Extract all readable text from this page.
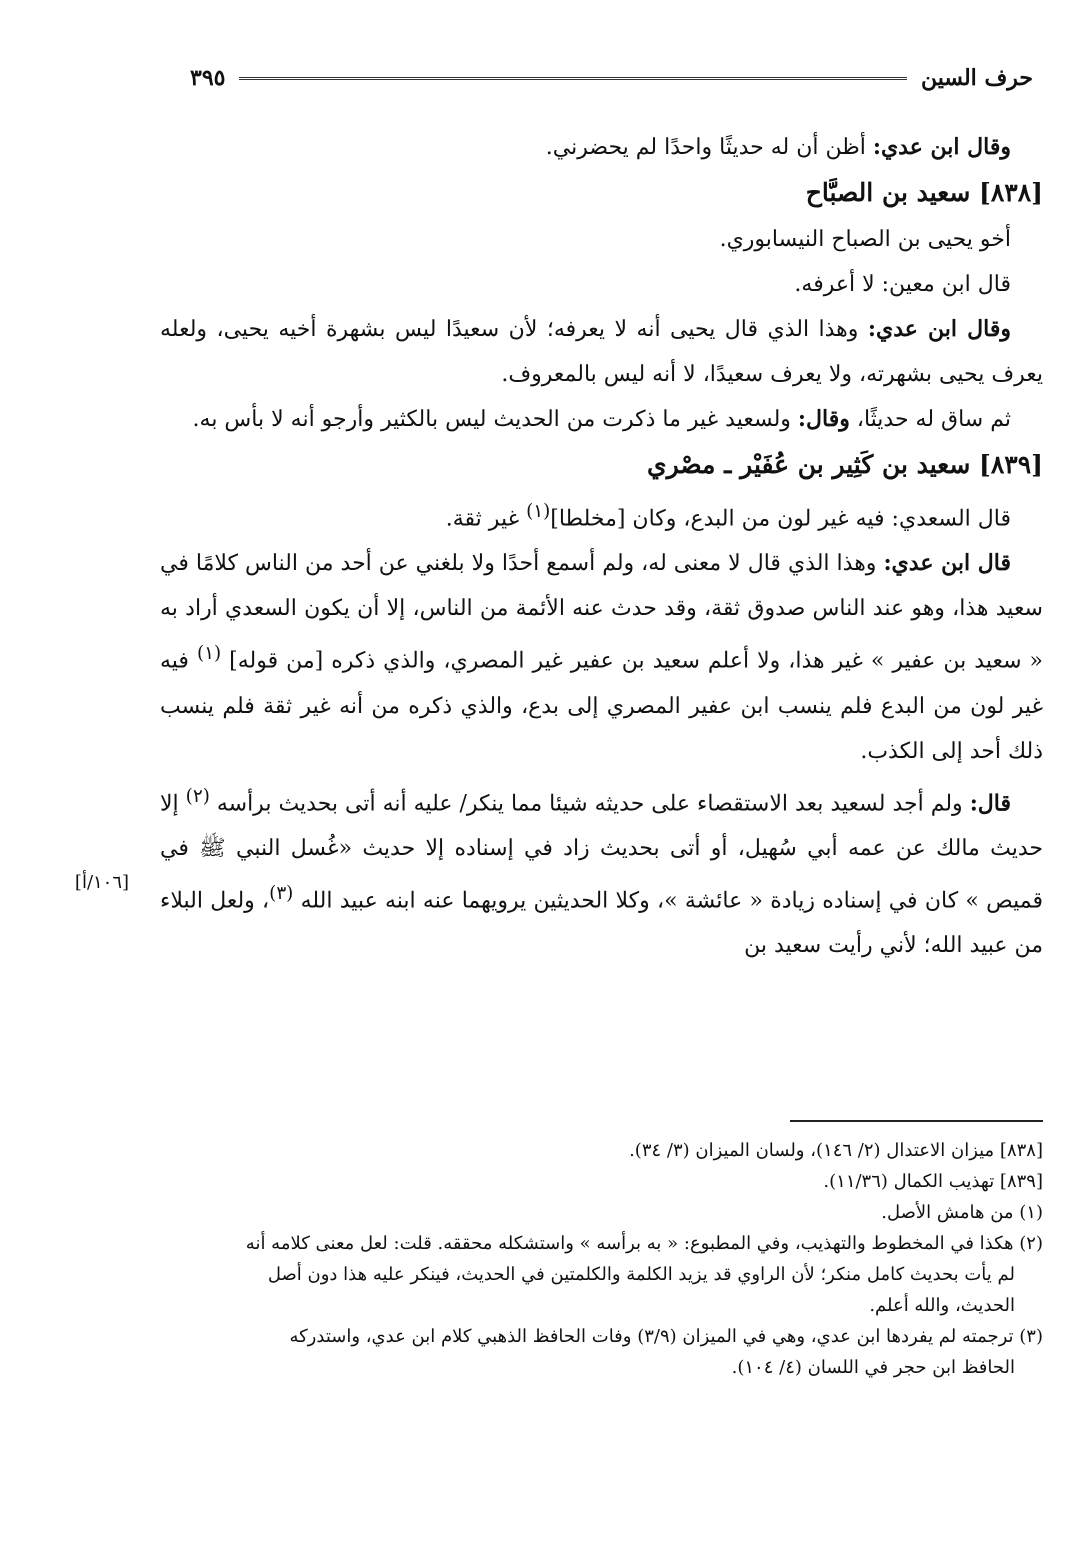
حرف السين
٣٩٥
[١٠٦/أ]

وقال ابن عدي: أظن أن له حديثًا واحدًا لم يحضرني.

[٨٣٨] سعيد بن الصبَّاح

أخو يحيى بن الصباح النيسابوري.

قال ابن معين: لا أعرفه.

وقال ابن عدي: وهذا الذي قال يحيى أنه لا يعرفه؛ لأن سعيدًا ليس بشهرة أخيه يحيى، ولعله يعرف يحيى بشهرته، ولا يعرف سعيدًا، لا أنه ليس بالمعروف.

ثم ساق له حديثًا، وقال: ولسعيد غير ما ذكرت من الحديث ليس بالكثير وأرجو أنه لا بأس به.

[٨٣٩] سعيد بن كَثِير بن عُفَيْر ـ مصْري

قال السعدي: فيه غير لون من البدع، وكان [مخلطا]$^{(١)}$ غير ثقة.

قال ابن عدي: وهذا الذي قال لا معنى له، ولم أسمع أحدًا ولا بلغني عن أحد من الناس كلامًا في سعيد هذا، وهو عند الناس صدوق ثقة، وقد حدث عنه الأئمة من الناس، إلا أن يكون السعدي أراد به « سعيد بن عفير » غير هذا، ولا أعلم سعيد بن عفير غير المصري، والذي ذكره [من قوله] $^{(١)}$ فيه غير لون من البدع فلم ينسب ابن عفير المصري إلى بدع، والذي ذكره من أنه غير ثقة فلم ينسب ذلك أحد إلى الكذب.

قال: ولم أجد لسعيد بعد الاستقصاء على حديثه شيئا مما ينكر/ عليه أنه أتى بحديث برأسه $^{(٢)}$ إلا حديث مالك عن عمه أبي سُهيل، أو أتى بحديث زاد في إسناده إلا حديث «غُسل النبي ﷺ في قميص » كان في إسناده زيادة « عائشة »، وكلا الحديثين يرويهما عنه ابنه عبيد الله $^{(٣)}$، ولعل البلاء من عبيد الله؛ لأني رأيت سعيد بن

[٨٣٨] ميزان الاعتدال (٢/ ١٤٦)، ولسان الميزان (٣/ ٣٤).

[٨٣٩] تهذيب الكمال (١١/٣٦).

(١) من هامش الأصل.

(٢) هكذا في المخطوط والتهذيب، وفي المطبوع: « به برأسه » واستشكله محققه. قلت: لعل معنى كلامه أنه

لم يأت بحديث كامل منكر؛ لأن الراوي قد يزيد الكلمة والكلمتين في الحديث، فينكر عليه هذا دون أصل

الحديث، والله أعلم.

(٣) ترجمته لم يفردها ابن عدي، وهي في الميزان (٣/٩) وفات الحافظ الذهبي كلام ابن عدي، واستدركه

الحافظ ابن حجر في اللسان (٤/ ١٠٤).
